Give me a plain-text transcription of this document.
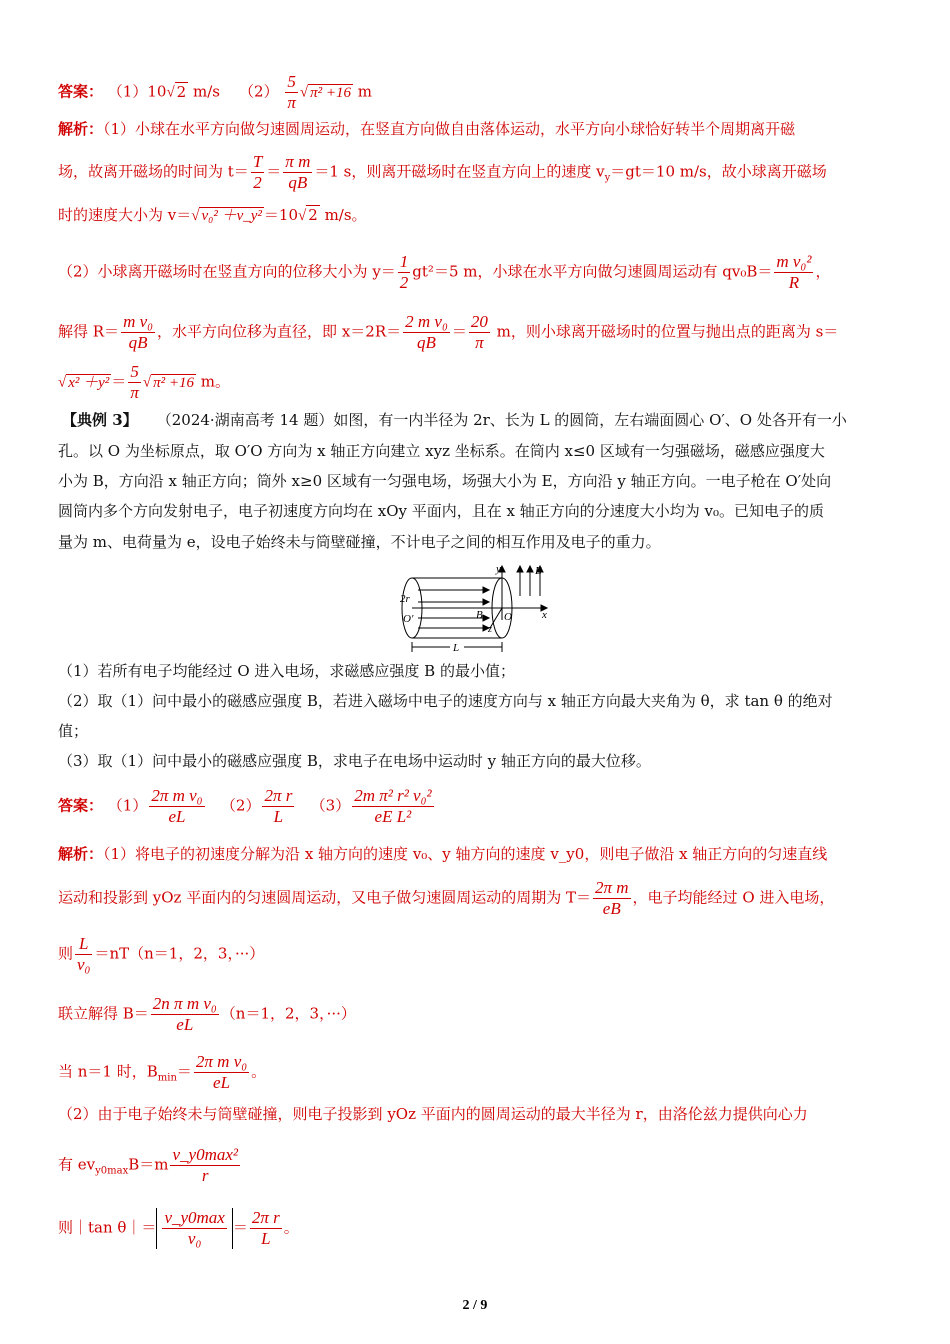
答案： （1）10√ 2 m/s $(2) \frac{5}{\pi}$ √ π² +16 m
解析：（1）小球在水平方向做匀速圆周运动，在竖直方向做自由落体运动，水平方向小球恰好转半个周期离开磁
场，故离开磁场的时间为 $t= \frac{T}{2} = \frac{\text{π m}}{qB} =1$ s，则离开磁场时在竖直方向上的速度 $v_y=gt=10$ m/s，故小球离开磁场
时的速度大小为 v＝√ v₀² ＋v_y² ＝10√ 2 m/s。
（2）小球离开磁场时在竖直方向的位移大小为 $y= \frac{1}{2} gt^2=5$ m，小球在水平方向做匀速圆周运动有 $qv_0B= \frac{\text{m v₀²}}{R}$ ，
解得 $R= \frac{\text{m v₀}}{qB}$ ，水平方向位移为直径，即 $x=2R= \frac{\text{2 m v₀}}{qB} = \frac{20}{\pi}$ m，则小球离开磁场时的位置与抛出点的距离为 s＝
√ $x^2 +y^2 = \frac{5}{\pi}$ √ π² +16 m。
【典例 3】 （2024·湖南高考 14 题）如图，有一内半径为 2r、长为 L 的圆筒，左右端面圆心 O′、O 处各开有一小
孔。以 O 为坐标原点，取 O′O 方向为 x 轴正方向建立 xyz 坐标系。在筒内 x≤0 区域有一匀强磁场，磁感应强度大
小为 B，方向沿 x 轴正方向；筒外 x≥0 区域有一匀强电场，场强大小为 E，方向沿 y 轴正方向。一电子枪在 O′处向
圆筒内多个方向发射电子，电子初速度方向均在 xOy 平面内，且在 x 轴正方向的分速度大小均为 v₀。已知电子的质
量为 m、电荷量为 e，设电子始终未与筒壁碰撞，不计电子之间的相互作用及电子的重力。
y	E
2r
O′	B O	x
z
L
（1）若所有电子均能经过 O 进入电场，求磁感应强度 B 的最小值；
（2）取（1）问中最小的磁感应强度 B，若进入磁场中电子的速度方向与 x 轴正方向最大夹角为 θ，求 tan θ 的绝对
值；
（3）取（1）问中最小的磁感应强度 B，求电子在电场中运动时 y 轴正方向的最大位移。
答案： $(1) \frac{\text{2π m v₀}}{eL} (2) \frac{\text{2π r}}{L} (3) \frac{\text{2m π² r² v₀²}}{\text{eE L²}}$
解析：（1）将电子的初速度分解为沿 x 轴方向的速度 v₀、y 轴方向的速度 v_y0，则电子做沿 x 轴正方向的匀速直线
运动和投影到 yOz 平面内的匀速圆周运动，又电子做匀速圆周运动的周期为 $T= \frac{\text{2π m}}{eB}$ ，电子均能经过 O 进入电场，
则 $\frac{L}{\text{v₀}} =nT(n=1$，2，3，···）
联立解得 $B= \frac{\text{2n π m v₀}}{eL} (n=1$，2，3，···）
当 n＝1 时，$B_{min}= \frac{\text{2π m v₀}}{eL}$ 。
（2）由于电子始终未与筒壁碰撞，则电子投影到 yOz 平面内的圆周运动的最大半径为 r，由洛伦兹力提供向心力
有 $ev_{y0max}B=m \frac{\text{v\_y0max²}}{r}$
则｜tan θ｜＝ $\frac{v\_y0\max}{\text{v₀}} = \frac{\text{2π r}}{L}$ 。
2 / 9
